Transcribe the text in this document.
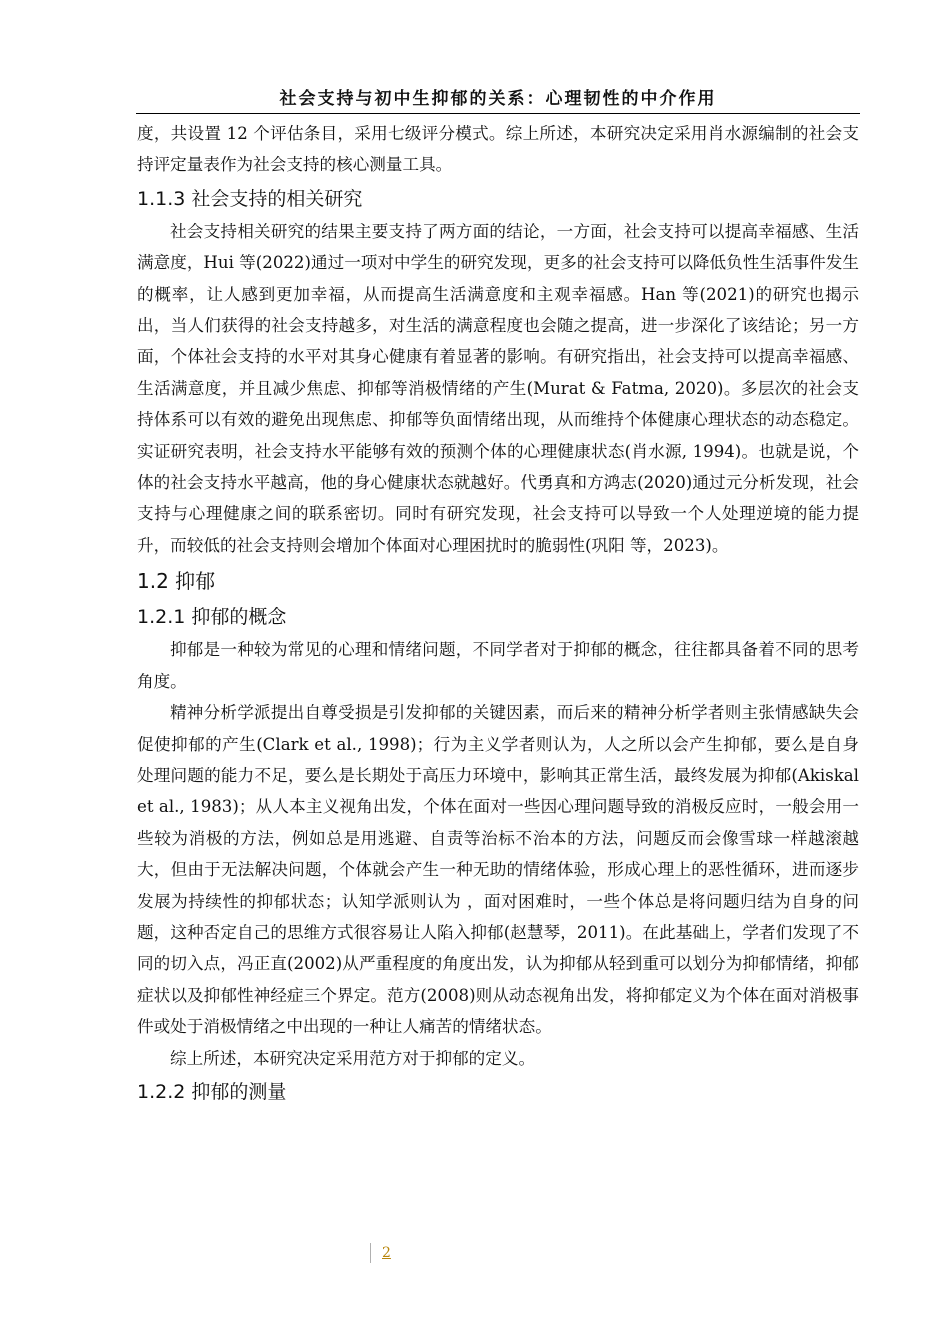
社会支持与初中生抑郁的关系：心理韧性的中介作用

度，共设置 12 个评估条目，采用七级评分模式。综上所述，本研究决定采用肖水源编制的社会支持评定量表作为社会支持的核心测量工具。

1.1.3 社会支持的相关研究

社会支持相关研究的结果主要支持了两方面的结论，一方面，社会支持可以提高幸福感、生活满意度，Hui 等(2022)通过一项对中学生的研究发现，更多的社会支持可以降低负性生活事件发生的概率，让人感到更加幸福，从而提高生活满意度和主观幸福感。Han 等(2021)的研究也揭示出，当人们获得的社会支持越多，对生活的满意程度也会随之提高，进一步深化了该结论；另一方面，个体社会支持的水平对其身心健康有着显著的影响。有研究指出，社会支持可以提高幸福感、生活满意度，并且减少焦虑、抑郁等消极情绪的产生(Murat & Fatma, 2020)。多层次的社会支持体系可以有效的避免出现焦虑、抑郁等负面情绪出现，从而维持个体健康心理状态的动态稳定。实证研究表明，社会支持水平能够有效的预测个体的心理健康状态(肖水源, 1994)。也就是说，个体的社会支持水平越高，他的身心健康状态就越好。代勇真和方鸿志(2020)通过元分析发现，社会支持与心理健康之间的联系密切。同时有研究发现，社会支持可以导致一个人处理逆境的能力提升，而较低的社会支持则会增加个体面对心理困扰时的脆弱性(巩阳 等，2023)。

1.2 抑郁
1.2.1 抑郁的概念

抑郁是一种较为常见的心理和情绪问题，不同学者对于抑郁的概念，往往都具备着不同的思考角度。

精神分析学派提出自尊受损是引发抑郁的关键因素，而后来的精神分析学者则主张情感缺失会促使抑郁的产生(Clark et al., 1998)；行为主义学者则认为，人之所以会产生抑郁，要么是自身处理问题的能力不足，要么是长期处于高压力环境中，影响其正常生活，最终发展为抑郁(Akiskal et al., 1983)；从人本主义视角出发，个体在面对一些因心理问题导致的消极反应时，一般会用一些较为消极的方法，例如总是用逃避、自责等治标不治本的方法，问题反而会像雪球一样越滚越大，但由于无法解决问题，个体就会产生一种无助的情绪体验，形成心理上的恶性循环，进而逐步发展为持续性的抑郁状态；认知学派则认为 ，面对困难时，一些个体总是将问题归结为自身的问题，这种否定自己的思维方式很容易让人陷入抑郁(赵慧琴，2011)。在此基础上，学者们发现了不同的切入点，冯正直(2002)从严重程度的角度出发，认为抑郁从轻到重可以划分为抑郁情绪，抑郁症状以及抑郁性神经症三个界定。范方(2008)则从动态视角出发，将抑郁定义为个体在面对消极事件或处于消极情绪之中出现的一种让人痛苦的情绪状态。

综上所述，本研究决定采用范方对于抑郁的定义。

1.2.2 抑郁的测量
2
